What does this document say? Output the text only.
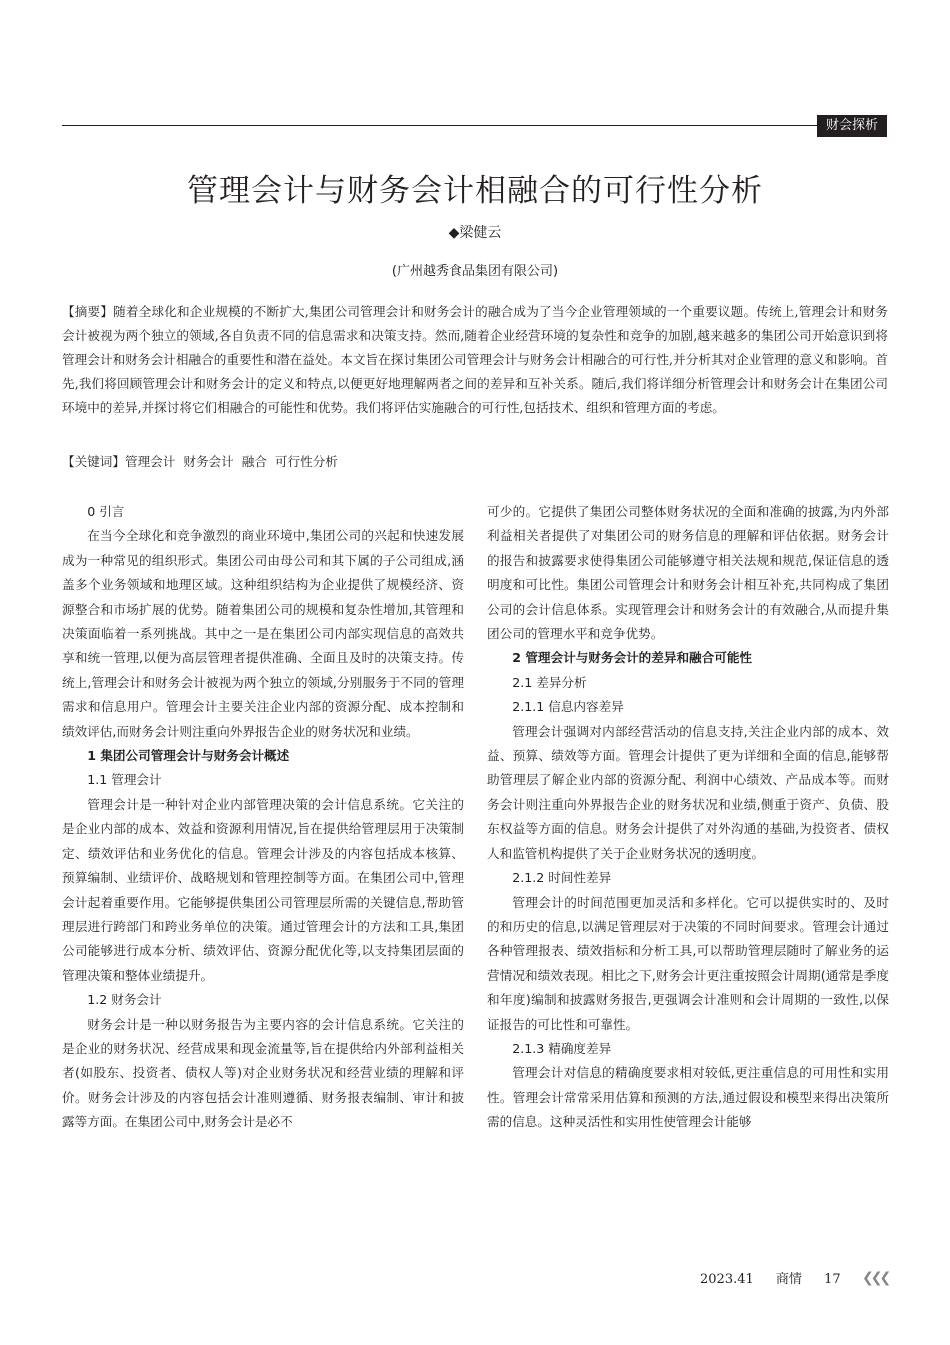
财会探析
管理会计与财务会计相融合的可行性分析
◆梁健云
(广州越秀食品集团有限公司)
【摘要】随着全球化和企业规模的不断扩大,集团公司管理会计和财务会计的融合成为了当今企业管理领域的一个重要议题。传统上,管理会计和财务会计被视为两个独立的领域,各自负责不同的信息需求和决策支持。然而,随着企业经营环境的复杂性和竞争的加剧,越来越多的集团公司开始意识到将管理会计和财务会计相融合的重要性和潜在益处。本文旨在探讨集团公司管理会计与财务会计相融合的可行性,并分析其对企业管理的意义和影响。首先,我们将回顾管理会计和财务会计的定义和特点,以便更好地理解两者之间的差异和互补关系。随后,我们将详细分析管理会计和财务会计在集团公司环境中的差异,并探讨将它们相融合的可能性和优势。我们将评估实施融合的可行性,包括技术、组织和管理方面的考虑。
【关键词】管理会计  财务会计  融合  可行性分析
0 引言

在当今全球化和竞争激烈的商业环境中,集团公司的兴起和快速发展成为一种常见的组织形式。集团公司由母公司和其下属的子公司组成,涵盖多个业务领域和地理区域。这种组织结构为企业提供了规模经济、资源整合和市场扩展的优势。随着集团公司的规模和复杂性增加,其管理和决策面临着一系列挑战。其中之一是在集团公司内部实现信息的高效共享和统一管理,以便为高层管理者提供准确、全面且及时的决策支持。传统上,管理会计和财务会计被视为两个独立的领域,分别服务于不同的管理需求和信息用户。管理会计主要关注企业内部的资源分配、成本控制和绩效评估,而财务会计则注重向外界报告企业的财务状况和业绩。

1 集团公司管理会计与财务会计概述
1.1 管理会计

管理会计是一种针对企业内部管理决策的会计信息系统。它关注的是企业内部的成本、效益和资源利用情况,旨在提供给管理层用于决策制定、绩效评估和业务优化的信息。管理会计涉及的内容包括成本核算、预算编制、业绩评价、战略规划和管理控制等方面。在集团公司中,管理会计起着重要作用。它能够提供集团公司管理层所需的关键信息,帮助管理层进行跨部门和跨业务单位的决策。通过管理会计的方法和工具,集团公司能够进行成本分析、绩效评估、资源分配优化等,以支持集团层面的管理决策和整体业绩提升。

1.2 财务会计

财务会计是一种以财务报告为主要内容的会计信息系统。它关注的是企业的财务状况、经营成果和现金流量等,旨在提供给内外部利益相关者(如股东、投资者、债权人等)对企业财务状况和经营业绩的理解和评价。财务会计涉及的内容包括会计准则遵循、财务报表编制、审计和披露等方面。在集团公司中,财务会计是必不

可少的。它提供了集团公司整体财务状况的全面和准确的披露,为内外部利益相关者提供了对集团公司的财务信息的理解和评估依据。财务会计的报告和披露要求使得集团公司能够遵守相关法规和规范,保证信息的透明度和可比性。集团公司管理会计和财务会计相互补充,共同构成了集团公司的会计信息体系。实现管理会计和财务会计的有效融合,从而提升集团公司的管理水平和竞争优势。

2 管理会计与财务会计的差异和融合可能性
2.1 差异分析
2.1.1 信息内容差异

管理会计强调对内部经营活动的信息支持,关注企业内部的成本、效益、预算、绩效等方面。管理会计提供了更为详细和全面的信息,能够帮助管理层了解企业内部的资源分配、利润中心绩效、产品成本等。而财务会计则注重向外界报告企业的财务状况和业绩,侧重于资产、负债、股东权益等方面的信息。财务会计提供了对外沟通的基础,为投资者、债权人和监管机构提供了关于企业财务状况的透明度。

2.1.2 时间性差异

管理会计的时间范围更加灵活和多样化。它可以提供实时的、及时的和历史的信息,以满足管理层对于决策的不同时间要求。管理会计通过各种管理报表、绩效指标和分析工具,可以帮助管理层随时了解业务的运营情况和绩效表现。相比之下,财务会计更注重按照会计周期(通常是季度和年度)编制和披露财务报告,更强调会计准则和会计周期的一致性,以保证报告的可比性和可靠性。

2.1.3 精确度差异

管理会计对信息的精确度要求相对较低,更注重信息的可用性和实用性。管理会计常常采用估算和预测的方法,通过假设和模型来得出决策所需的信息。这种灵活性和实用性使管理会计能够

2023.41 商情 17	❮❮❮
